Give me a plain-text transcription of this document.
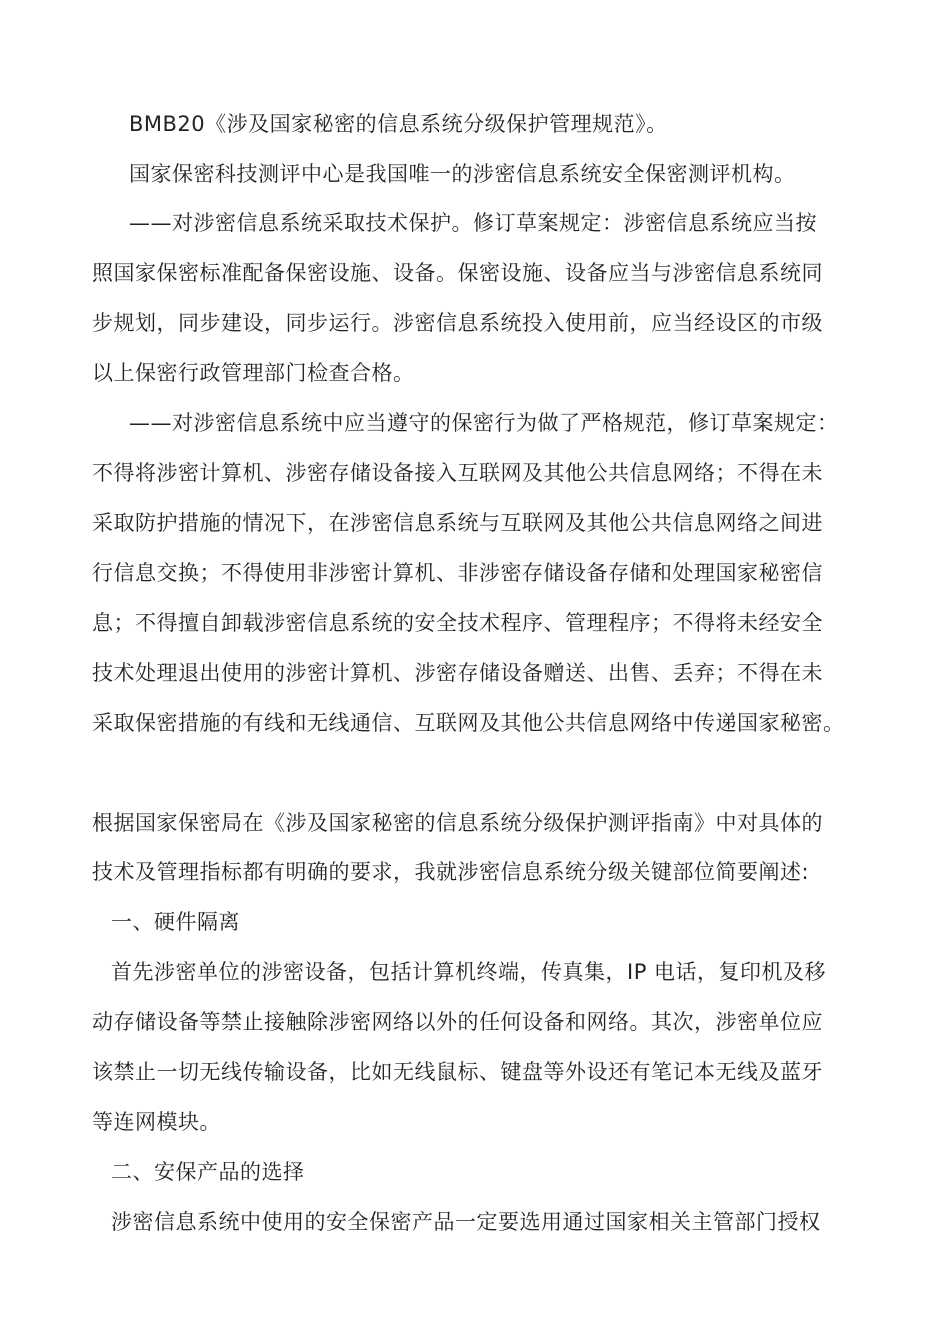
BMB20《涉及国家秘密的信息系统分级保护管理规范》。
国家保密科技测评中心是我国唯一的涉密信息系统安全保密测评机构。
——对涉密信息系统采取技术保护。修订草案规定：涉密信息系统应当按
照国家保密标准配备保密设施、设备。保密设施、设备应当与涉密信息系统同
步规划，同步建设，同步运行。涉密信息系统投入使用前，应当经设区的市级
以上保密行政管理部门检查合格。
——对涉密信息系统中应当遵守的保密行为做了严格规范，修订草案规定：
不得将涉密计算机、涉密存储设备接入互联网及其他公共信息网络；不得在未
采取防护措施的情况下，在涉密信息系统与互联网及其他公共信息网络之间进
行信息交换；不得使用非涉密计算机、非涉密存储设备存储和处理国家秘密信
息；不得擅自卸载涉密信息系统的安全技术程序、管理程序；不得将未经安全
技术处理退出使用的涉密计算机、涉密存储设备赠送、出售、丢弃；不得在未
采取保密措施的有线和无线通信、互联网及其他公共信息网络中传递国家秘密。
根据国家保密局在《涉及国家秘密的信息系统分级保护测评指南》中对具体的
技术及管理指标都有明确的要求，我就涉密信息系统分级关键部位简要阐述:
一、硬件隔离
首先涉密单位的涉密设备，包括计算机终端，传真集，IP 电话，复印机及移
动存储设备等禁止接触除涉密网络以外的任何设备和网络。其次，涉密单位应
该禁止一切无线传输设备，比如无线鼠标、键盘等外设还有笔记本无线及蓝牙
等连网模块。
二、安保产品的选择
涉密信息系统中使用的安全保密产品一定要选用通过国家相关主管部门授权
